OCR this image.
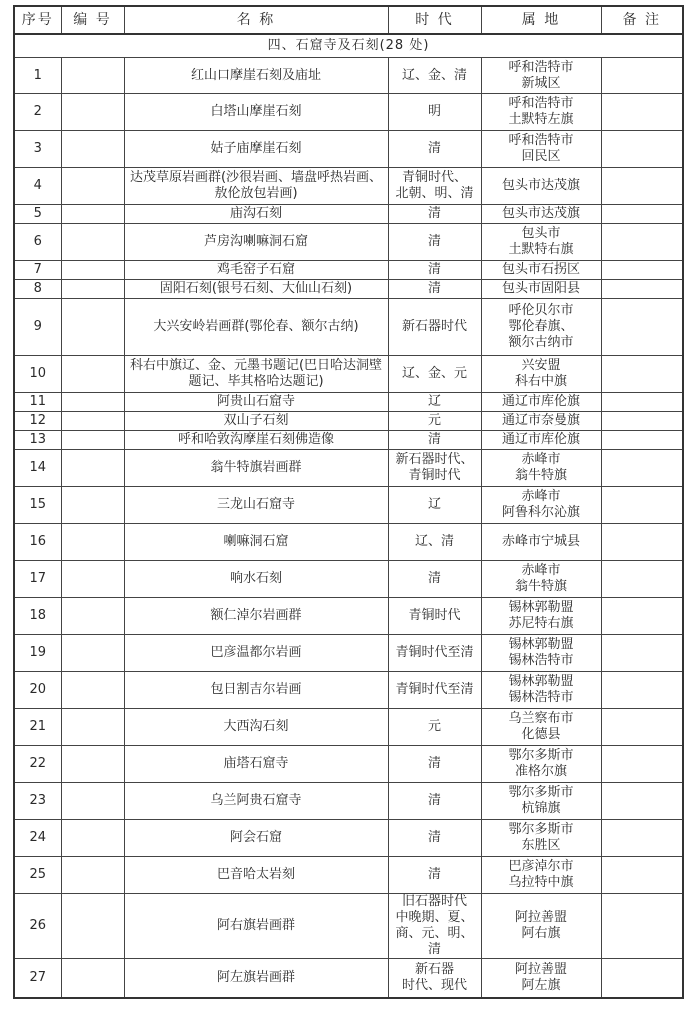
序号	编 号	名 称	时 代	属 地	备 注
四、石窟寺及石刻(28 处)					
1		红山口摩崖石刻及庙址	辽、金、清	呼和浩特市
新城区	
2		白塔山摩崖石刻	明	呼和浩特市
土默特左旗	
3		姑子庙摩崖石刻	清	呼和浩特市
回民区	
4		达茂草原岩画群(沙很岩画、墙盘呼热岩画、敖伦放包岩画)	青铜时代、
北朝、明、清	包头市达茂旗	
5		庙沟石刻	清	包头市达茂旗	
6		芦房沟喇嘛洞石窟	清	包头市
土默特右旗	
7		鸡毛窑子石窟	清	包头市石拐区	
8		固阳石刻(银号石刻、大仙山石刻)	清	包头市固阳县	
9		大兴安岭岩画群(鄂伦春、额尔古纳)	新石器时代	呼伦贝尔市
鄂伦春旗、
额尔古纳市	
10		科右中旗辽、金、元墨书题记(巴日哈达洞壁题记、毕其格哈达题记)	辽、金、元	兴安盟
科右中旗	
11		阿贵山石窟寺	辽	通辽市库伦旗	
12		双山子石刻	元	通辽市奈曼旗	
13		呼和哈敦沟摩崖石刻佛造像	清	通辽市库伦旗	
14		翁牛特旗岩画群	新石器时代、
青铜时代	赤峰市
翁牛特旗	
15		三龙山石窟寺	辽	赤峰市
阿鲁科尔沁旗	
16		喇嘛洞石窟	辽、清	赤峰市宁城县	
17		响水石刻	清	赤峰市
翁牛特旗	
18		额仁淖尔岩画群	青铜时代	锡林郭勒盟
苏尼特右旗	
19		巴彦温都尔岩画	青铜时代至清	锡林郭勒盟
锡林浩特市	
20		包日割吉尔岩画	青铜时代至清	锡林郭勒盟
锡林浩特市	
21		大西沟石刻	元	乌兰察布市
化德县	
22		庙塔石窟寺	清	鄂尔多斯市
准格尔旗	
23		乌兰阿贵石窟寺	清	鄂尔多斯市
杭锦旗	
24		阿会石窟	清	鄂尔多斯市
东胜区	
25		巴音哈太岩刻	清	巴彦淖尔市
乌拉特中旗	
26		阿右旗岩画群	旧石器时代
中晚期、夏、
商、元、明、清	阿拉善盟
阿右旗	
27		阿左旗岩画群	新石器
时代、现代	阿拉善盟
阿左旗	
